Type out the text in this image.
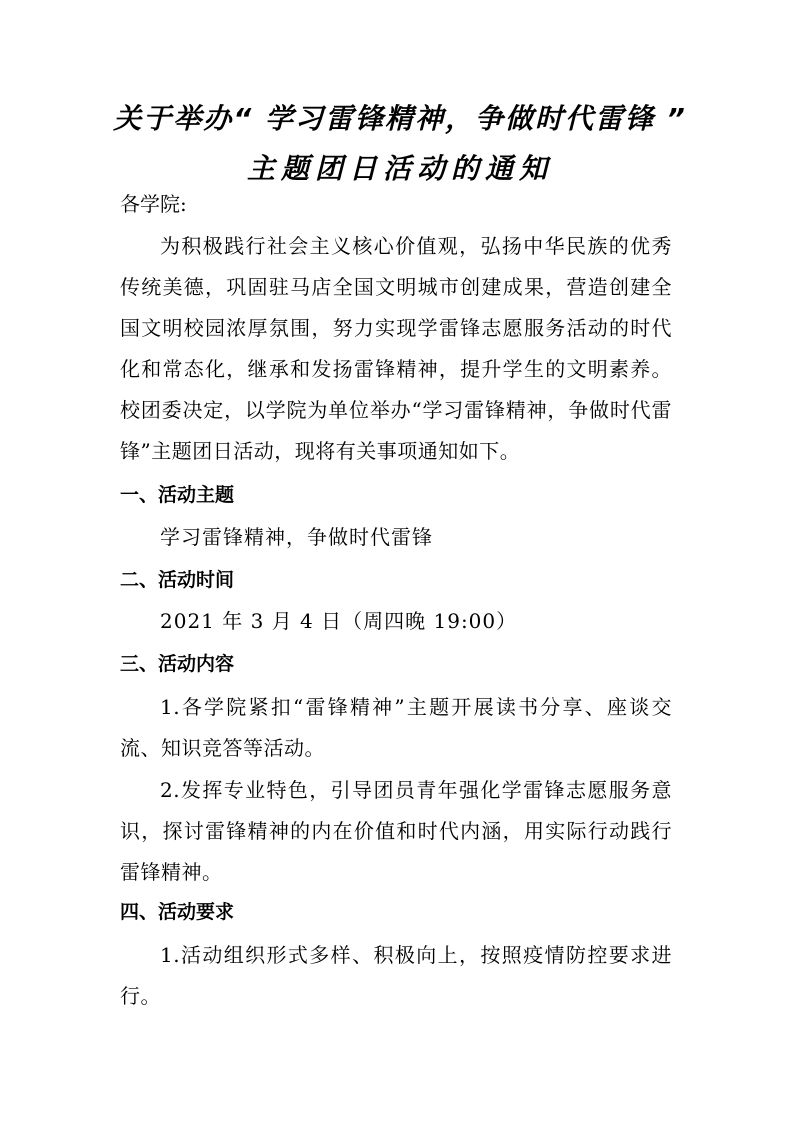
关于举办“ 学习雷锋精神，争做时代雷锋 ”
主题团日活动的通知

各学院:

为积极践行社会主义核心价值观，弘扬中华民族的优秀传统美德，巩固驻马店全国文明城市创建成果，营造创建全国文明校园浓厚氛围，努力实现学雷锋志愿服务活动的时代化和常态化，继承和发扬雷锋精神，提升学生的文明素养。校团委决定，以学院为单位举办“学习雷锋精神，争做时代雷锋”主题团日活动，现将有关事项通知如下。

一、活动主题

学习雷锋精神，争做时代雷锋

二、活动时间

2021 年 3 月 4 日（周四晚 19:00）

三、活动内容

1.各学院紧扣“雷锋精神”主题开展读书分享、座谈交流、知识竞答等活动。

2.发挥专业特色，引导团员青年强化学雷锋志愿服务意识，探讨雷锋精神的内在价值和时代内涵，用实际行动践行雷锋精神。

四、活动要求

1.活动组织形式多样、积极向上，按照疫情防控要求进行。
